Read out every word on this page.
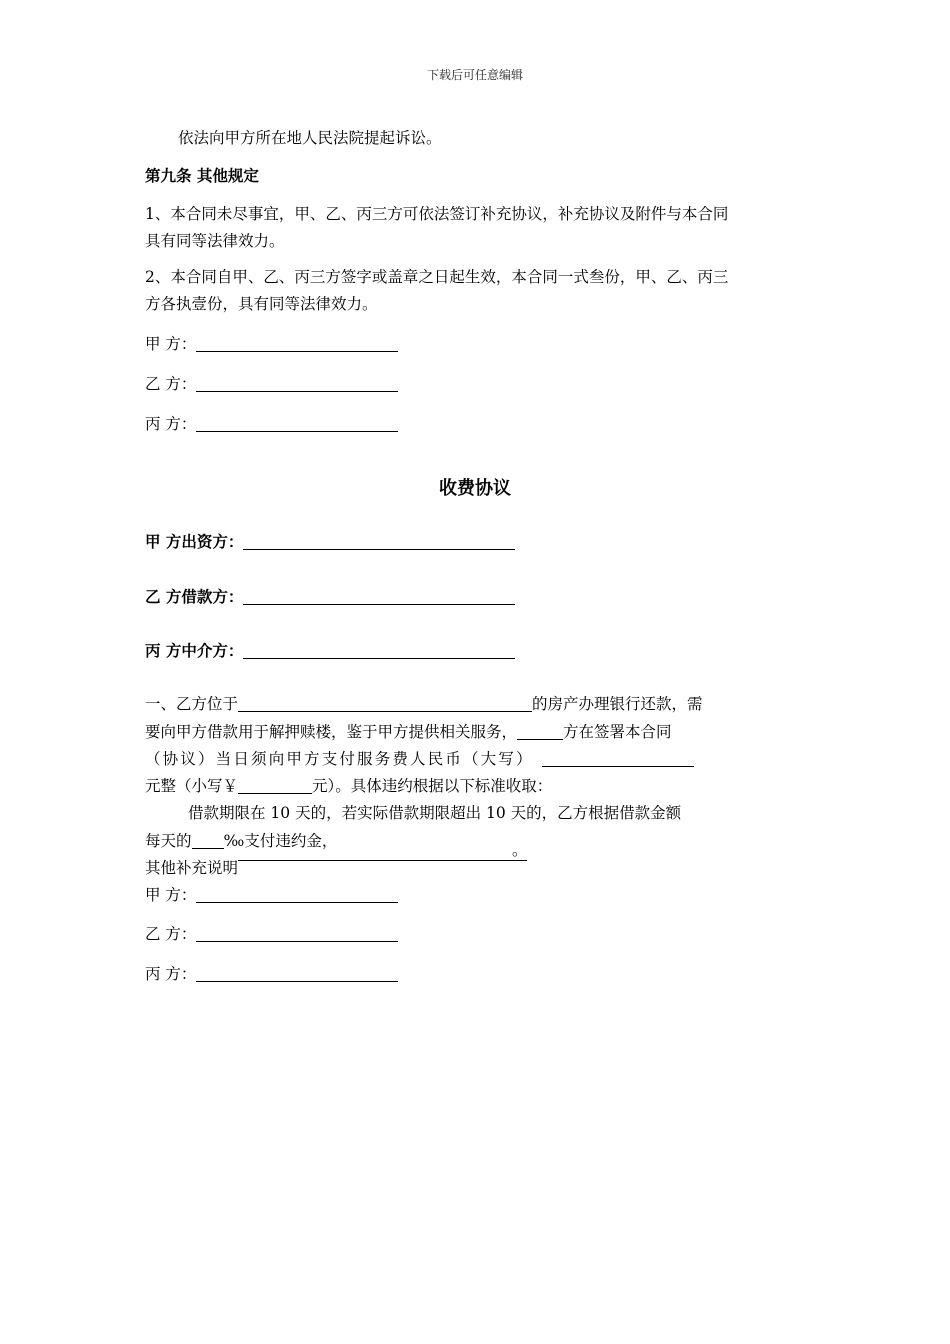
下载后可任意编辑
依法向甲方所在地人民法院提起诉讼。
第九条 其他规定
1、本合同未尽事宜，甲、乙、丙三方可依法签订补充协议，补充协议及附件与本合同
具有同等法律效力。
2、本合同自甲、乙、丙三方签字或盖章之日起生效，本合同一式叁份，甲、乙、丙三
方各执壹份，具有同等法律效力。
甲 方：
乙 方：
丙 方：
收费协议
甲 方出资方：
乙 方借款方：
丙 方中介方：
一、乙方位于	的房产办理银行还款，需
要向甲方借款用于解押赎楼，鉴于甲方提供相关服务，	方在签署本合同
（协议）当日须向甲方支付服务费人民币（大写）
元整（小写￥	元）。具体违约根据以下标准收取：
借款期限在 10 天的，若实际借款期限超出 10 天的，乙方根据借款金额
每天的 ‰支付违约金，
其他补充说明。
甲 方：
乙 方：
丙 方：
